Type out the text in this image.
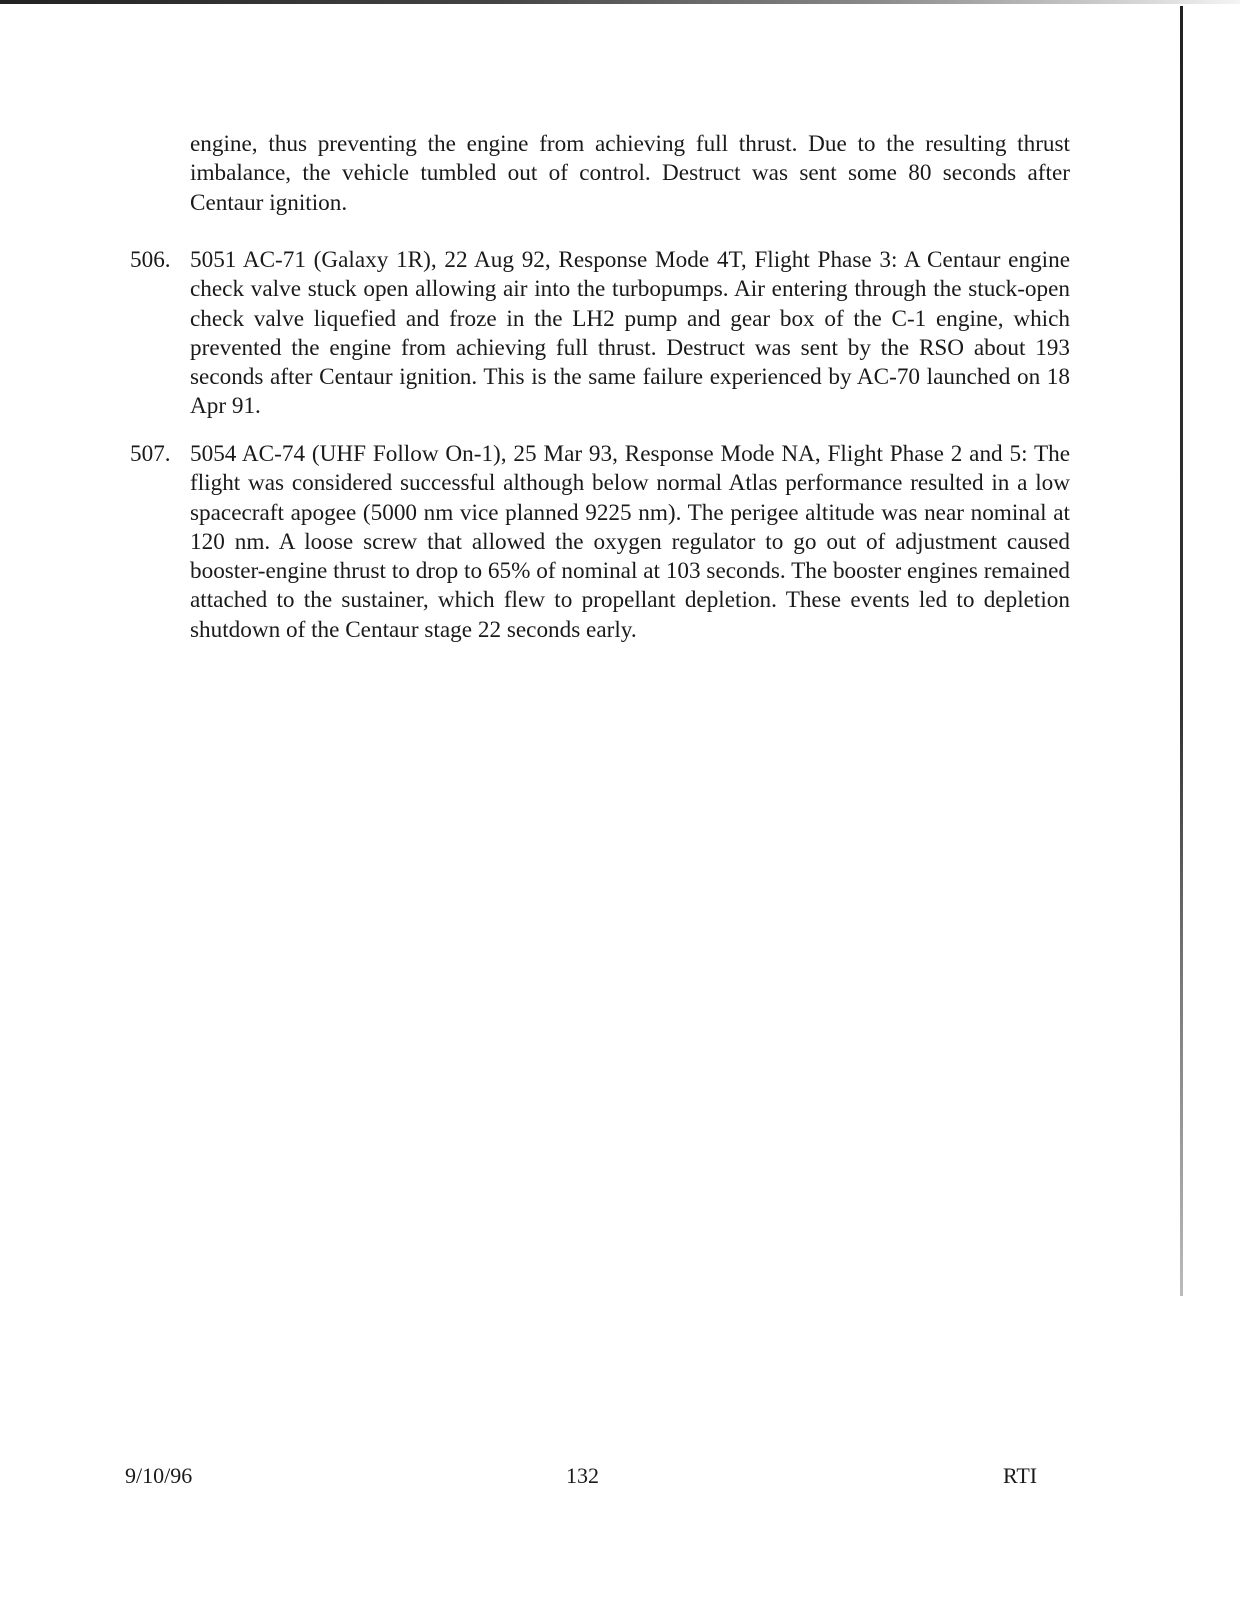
engine, thus preventing the engine from achieving full thrust. Due to the resulting thrust imbalance, the vehicle tumbled out of control. Destruct was sent some 80 seconds after Centaur ignition.

506. 5051 AC-71 (Galaxy 1R), 22 Aug 92, Response Mode 4T, Flight Phase 3: A Centaur engine check valve stuck open allowing air into the turbopumps. Air entering through the stuck-open check valve liquefied and froze in the LH2 pump and gear box of the C-1 engine, which prevented the engine from achieving full thrust. Destruct was sent by the RSO about 193 seconds after Centaur ignition. This is the same failure experienced by AC-70 launched on 18 Apr 91.
507. 5054 AC-74 (UHF Follow On-1), 25 Mar 93, Response Mode NA, Flight Phase 2 and 5: The flight was considered successful although below normal Atlas performance resulted in a low spacecraft apogee (5000 nm vice planned 9225 nm). The perigee altitude was near nominal at 120 nm. A loose screw that allowed the oxygen regulator to go out of adjustment caused booster-engine thrust to drop to 65% of nominal at 103 seconds. The booster engines remained attached to the sustainer, which flew to propellant depletion. These events led to depletion shutdown of the Centaur stage 22 seconds early.
9/10/96	132	RTI
